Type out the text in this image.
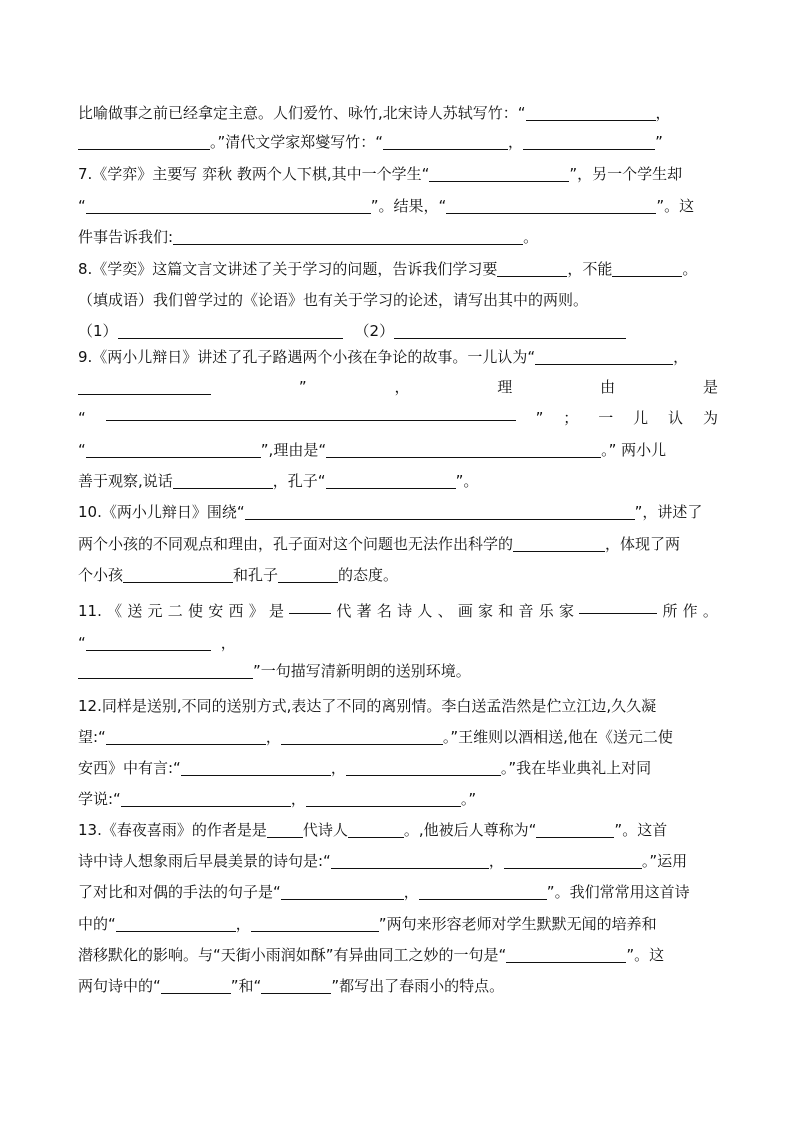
比喻做事之前已经拿定主意。人们爱竹、咏竹,北宋诗人苏轼写竹：“	，
。”清代文学家郑燮写竹：“	，	”
7.《学弈》主要写 弈秋 教两个人下棋,其中一个学生“	”，另一个学生却
“	”。结果，“	”。这
件事告诉我们:	。
8.《学奕》这篇文言文讲述了关于学习的问题，告诉我们学习要	，不能	。
（填成语）我们曾学过的《论语》也有关于学习的论述，请写出其中的两则。
（1）	（2）
9.《两小儿辩日》讲述了孔子路遇两个小孩在争论的故事。一儿认为“	，
”	，	理	由	是
“	” ； 一 儿 认 为
“	”,理由是“	。” 两小儿
善于观察,说话	，孔子“	”。
10.《两小儿辩日》围绕“	”，讲述了
两个小孩的不同观点和理由，孔子面对这个问题也无法作出科学的	，体现了两
个小孩	和孔子	的态度。
11. 《 送 元 二 使 安 西 》 是	代 著 名 诗 人 、 画 家 和 音 乐 家	所 作 。
“	，
”一句描写清新明朗的送别环境。
12.同样是送别,不同的送别方式,表达了不同的离别情。李白送孟浩然是伫立江边,久久凝
望:“	，	。”王维则以酒相送,他在《送元二使
安西》中有言:“	，	。”我在毕业典礼上对同
学说:“	，	。”
13.《春夜喜雨》的作者是是 代诗人	。,他被后人尊称为“	”。这首
诗中诗人想象雨后早晨美景的诗句是:“	，	。”运用
了对比和对偶的手法的句子是“	，	”。我们常常用这首诗
中的“	，	”两句来形容老师对学生默默无闻的培养和
潜移默化的影响。与“天街小雨润如酥”有异曲同工之妙的一句是“	”。这
两句诗中的“	”和“	”都写出了春雨小的特点。
